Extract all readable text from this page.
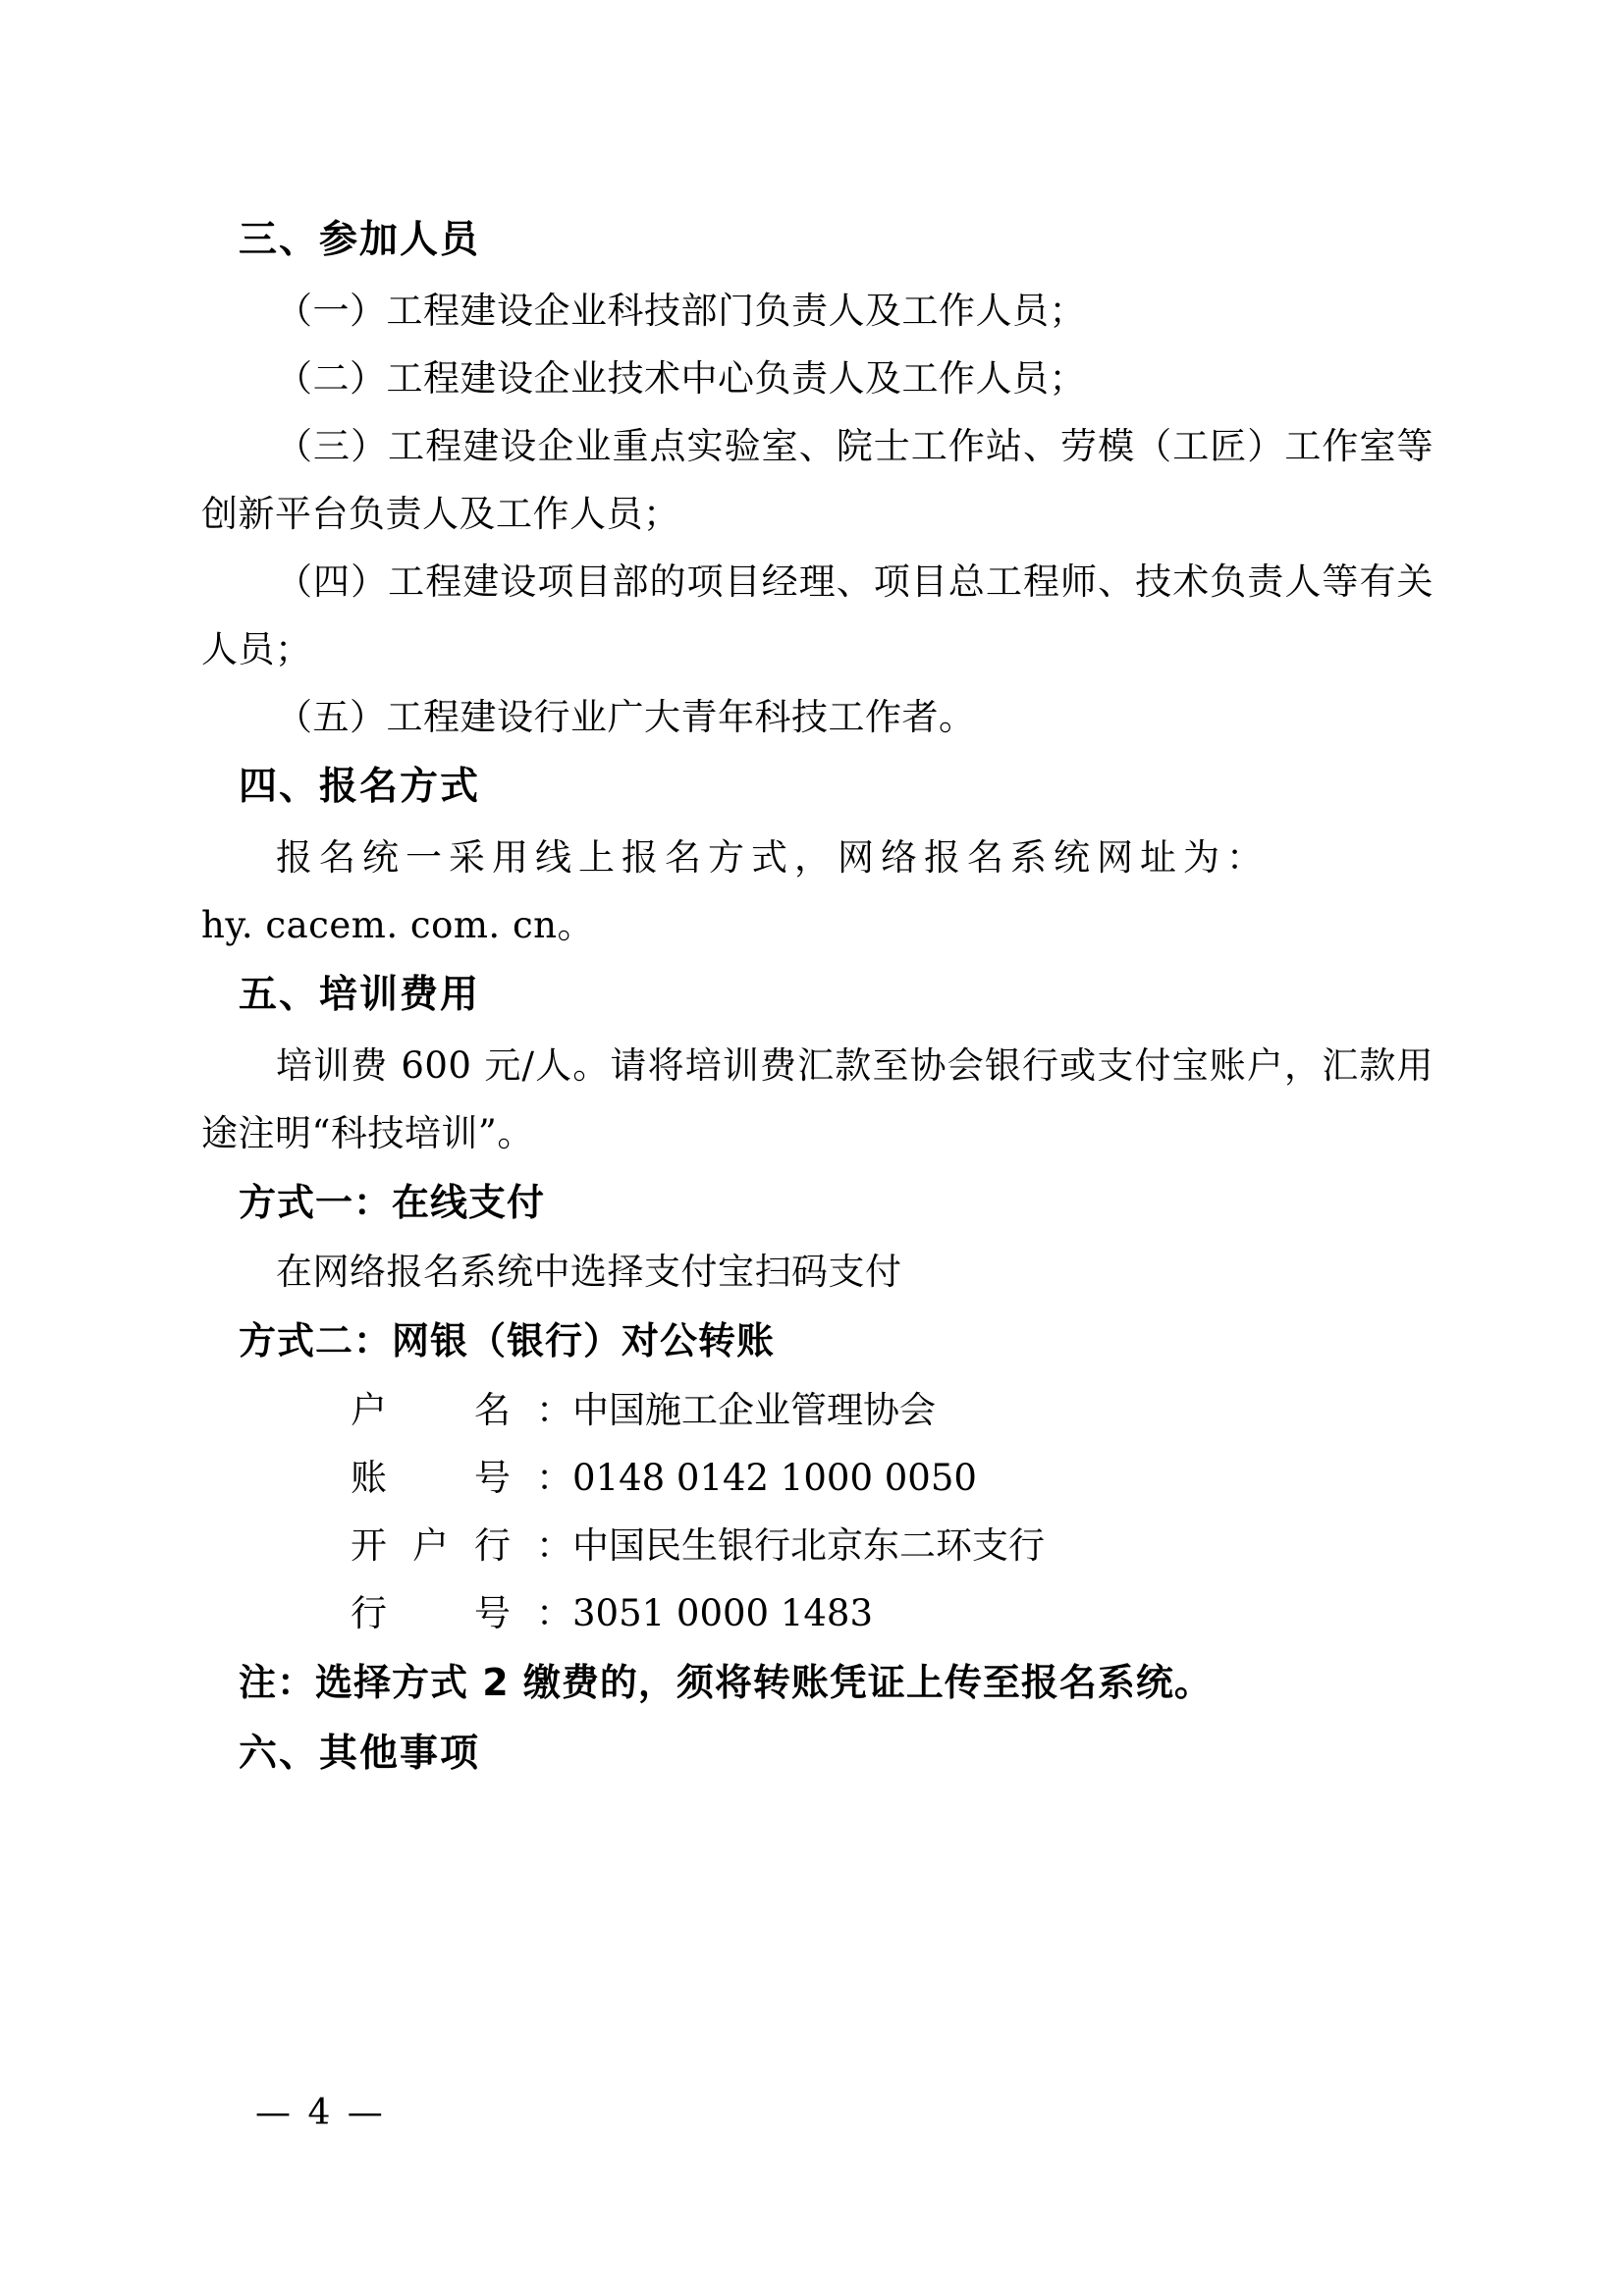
三、参加人员

（一）工程建设企业科技部门负责人及工作人员；

（二）工程建设企业技术中心负责人及工作人员；

（三）工程建设企业重点实验室、院士工作站、劳模（工匠）工作室等创新平台负责人及工作人员；

（四）工程建设项目部的项目经理、项目总工程师、技术负责人等有关人员；

（五）工程建设行业广大青年科技工作者。

四、报名方式

报名统一采用线上报名方式，网络报名系统网址为：

hy. cacem. com. cn。

五、培训费用

培训费 600 元/人。请将培训费汇款至协会银行或支付宝账户，汇款用途注明“科技培训”。

方式一：在线支付

在网络报名系统中选择支付宝扫码支付

方式二：网银（银行）对公转账

户　名：中国施工企业管理协会

账　号：0148 0142 1000 0050

开户行：中国民生银行北京东二环支行

行　号：3051 0000 1483

注：选择方式 2 缴费的，须将转账凭证上传至报名系统。

六、其他事项

— 4 —
